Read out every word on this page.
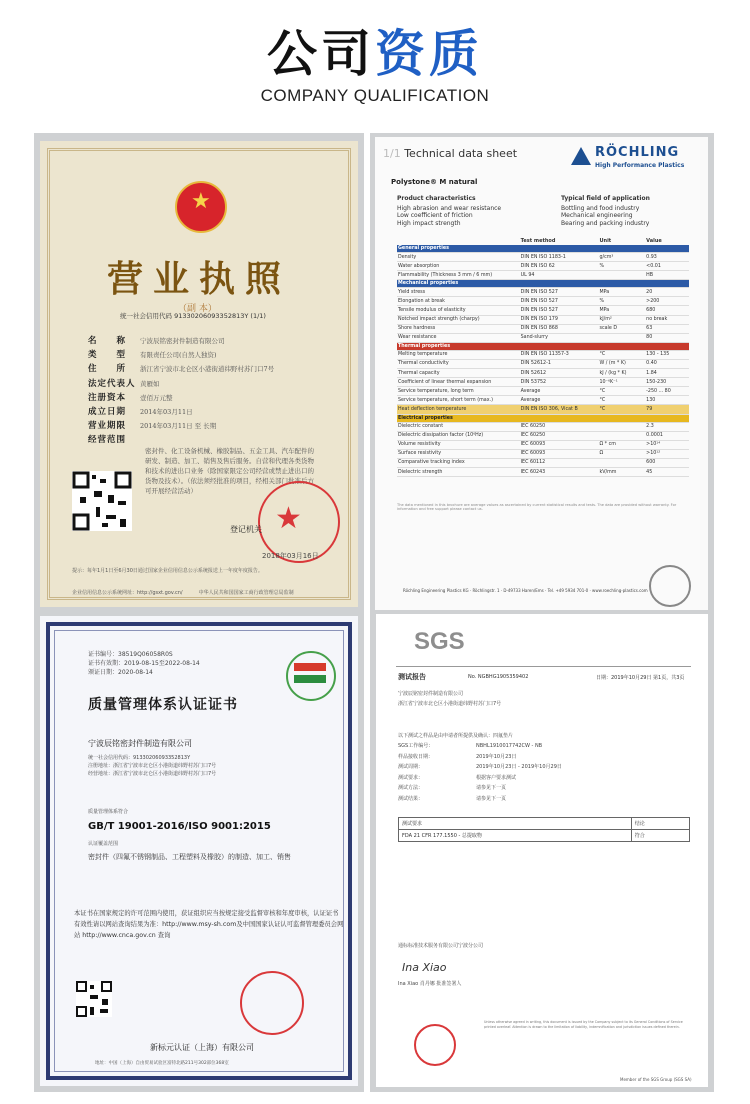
公司资质
COMPANY QUALIFICATION
★
营业执照
统一社会信用代码 91330206093352813Y (1/1)
（副 本）
名　　称 宁波辰铭密封件制造有限公司
类　　型 有限责任公司(自然人独资)
住　　所 浙江省宁波市北仑区小港街道纬野村苏门口7号
法定代表人 黄雁如
注册资本 壹佰万元整
成立日期 2014年03月11日
营业期限 2014年03月11日 至 长期
经营范围
密封件、化工设备机械、橡胶制品、五金工具、汽车配件的研发、制造、加工、销售及售后服务。自营和代理各类货物和技术的进出口业务（除国家限定公司经营或禁止进出口的货物及技术）。（依法须经批准的项目，经相关部门批准后方可开展经营活动）
★
登记机关
2018年03月16日
提示：每年1月1日至6月30日通过国家企业信用信息公示系统报送上一年度年度报告。
企业信用信息公示系统网址：http://gsxt.gov.cn/	中华人民共和国国家工商行政管理总局监制
1/1 Technical data sheet	RÖCHLING
High Performance Plastics
Polystone® M natural
Product characteristics
High abrasion and wear resistance
Low coefficient of friction
High impact strength
Typical field of application
Bottling and food industry
Mechanical engineering
Bearing and packing industry
	Test method	Unit	Value
General properties			
Density	DIN EN ISO 1183-1	g/cm³	0.93
Water absorption	DIN EN ISO 62	%	<0.01
Flammability (Thickness 3 mm / 6 mm)	UL 94		HB
Mechanical properties			
Yield stress	DIN EN ISO 527	MPa	20
Elongation at break	DIN EN ISO 527	%	>200
Tensile modulus of elasticity	DIN EN ISO 527	MPa	680
Notched impact strength (charpy)	DIN EN ISO 179	kJ/m²	no break
Shore hardness	DIN EN ISO 868	scale D	63
Wear resistance	Sand-slurry		80
Thermal properties			
Melting temperature	DIN EN ISO 11357-3	°C	130 - 135
Thermal conductivity	DIN 52612-1	W / (m * K)	0.40
Thermal capacity	DIN 52612	kJ / (kg * K)	1.84
Coefficient of linear thermal expansion	DIN 53752	10⁻⁶K⁻¹	150-230
Service temperature, long term	Average	°C	-250 ... 80
Service temperature, short term (max.)	Average	°C	130
Heat deflection temperature	DIN EN ISO 306, Vicat B	°C	79
Electrical properties			
Dielectric constant	IEC 60250		2.3
Dielectric dissipation factor (10⁶Hz)	IEC 60250		0.0001
Volume resistivity	IEC 60093	Ω * cm	>10¹⁴
Surface resistivity	IEC 60093	Ω	>10¹²
Comparative tracking index	IEC 60112		600
Dielectric strength	IEC 60243	kV/mm	45
The data mentioned in this brochure are average values as ascertained by current statistical results and tests. The data are provided without warranty. For information and free support please contact us.
Röchling Engineering Plastics KG · Röchlingstr. 1 · D-49733 Haren/Ems · Tel. +49 5934 701-0 · www.roechling-plastics.com
证书编号：38519Q06058R0S
证书有效期：2019-08-15至2022-08-14
颁证日期：2020-08-14
质量管理体系认证证书
宁波辰铭密封件制造有限公司
统一社会信用代码：91330206093352813Y
注册地址：浙江省宁波市北仑区小港街道纬野村苏门口7号
经营地址：浙江省宁波市北仑区小港街道纬野村苏门口7号
质量管理体系符合
GB/T 19001-2016/ISO 9001:2015
认证覆盖范围
密封件（四氟不锈钢制品、工程塑料及橡胶）的制造、加工、销售
本证书在国家规定的许可范围内使用，获证组织应当按规定接受监督审核和年度审核，认证证书有效性请以网站查询结果为准：http://www.msy-sh.com及中国国家认证认可监督管理委员会网站 http://www.cnca.gov.cn 查询
新标元认证（上海）有限公司
地址：中国（上海）自由贸易试验区富特北路211号302部位368室
SGS
测试报告	No. NGBHG1905359402	日期：2019年10月29日 第1页，共3页
宁波辰铭密封件制造有限公司
浙江省宁波市北仑区小港街道纬野村苏门口7号
以下测试之样品是由申请者所提供及确认：四氟垫片
SGS工作编号：	NBHL1910017742CW - NB
样品接收日期：	2019年10月23日
测试周期：	2019年10月23日 - 2019年10月29日
测试要求：	根据客户要求测试
测试方法：	请参见下一页
测试结果：	请参见下一页
测试要求	结论
FDA 21 CFR 177.1550 - 总提取物	符合
通标标准技术服务有限公司宁波分公司
Ina Xiao
Ina Xiao 肖丹娜 批准签署人
Unless otherwise agreed in writing, this document is issued by the Company subject to its General Conditions of Service printed overleaf. Attention is drawn to the limitation of liability, indemnification and jurisdiction issues defined therein.
Member of the SGS Group (SGS SA)
